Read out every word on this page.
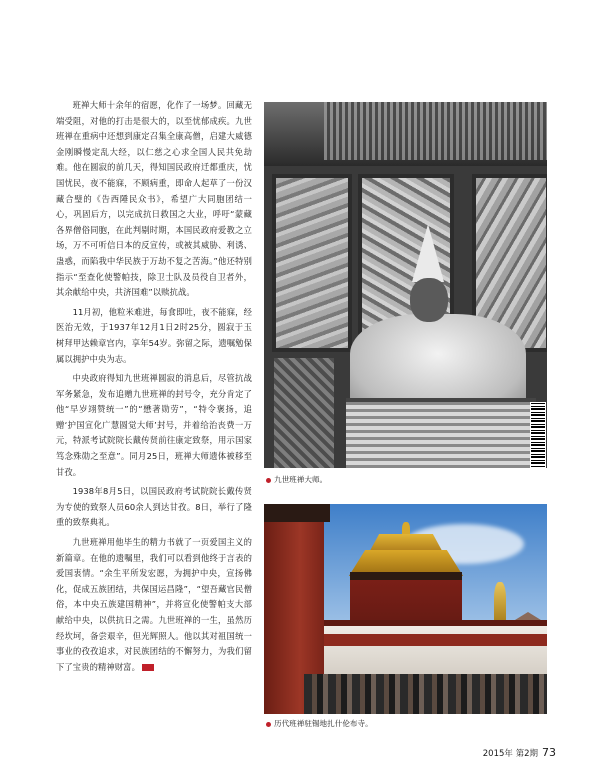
班禅大师十余年的宿愿，化作了一场梦。回藏无端受阻，对他的打击是很大的，以至忧郁成疾。九世班禅在重病中还想到康定召集全康高僧，启建大威德金刚瞬慢定乱大经，以仁慈之心求全国人民共免劫难。他在圆寂的前几天，得知国民政府迁都重庆，忧国忧民，夜不能寐，不顾病重，即命人起草了一份汉藏合璧的《告西陲民众书》，希望广大同胞团结一心，巩固后方，以完成抗日救国之大业，呼吁“蒙藏各界僧俗同胞，在此判剔时期，本国民政府爱教之立场，万不可听信日本的反宣传，或被其威胁、利诱、蛊惑，而陷我中华民族于万劫不复之苦海。”他还特别指示“至查化使警帕技，除卫士队及员役自卫者外，其余献给中央，共济国难”以赎抗战。

11月初，他粒米难进，每食即吐，夜不能寐，经医治无效，于1937年12月1日2时25分，圆寂于玉树拜甲达赖章宫内，享年54岁。弥留之际，遗嘱勉保属以拥护中央为志。

中央政府得知九世班禅圆寂的消息后，尽管抗战军务紧急，发布追赠九世班禅的封号令，充分肯定了他“早岁翊赞统一”的“懋著勋劳”，“特令褒扬，追赠‘护国宣化广慧圆觉大师’封号，并着给治丧费一万元，特派考试院院长戴传贤前往康定致祭，用示国家笃念殊勋之至意”。同月25日，班禅大师遗体被移至甘孜。

1938年8月5日，以国民政府考试院院长戴传贤为专使的致祭人员60余人到达甘孜。8日，举行了隆重的致祭典礼。

九世班禅用他毕生的精力书就了一页爱国主义的新篇章。在他的遗嘱里，我们可以看到他终于言表的爱国衷情。“余生平所发宏愿，为拥护中央，宣扬佛化，促成五族团结，共保国运昌隆”，“望吾藏官民僧俗，本中央五族建国精神”，并将宣化使警帕支大部献给中央，以供抗日之需。九世班禅的一生，虽然历经坎坷，备尝艰辛，但光辉照人。他以其对祖国统一事业的孜孜追求，对民族团结的不懈努力，为我们留下了宝贵的精神财富。

九世班禅大师。
历代班禅驻锡地扎什伦布寺。
2015年 第2期 73
